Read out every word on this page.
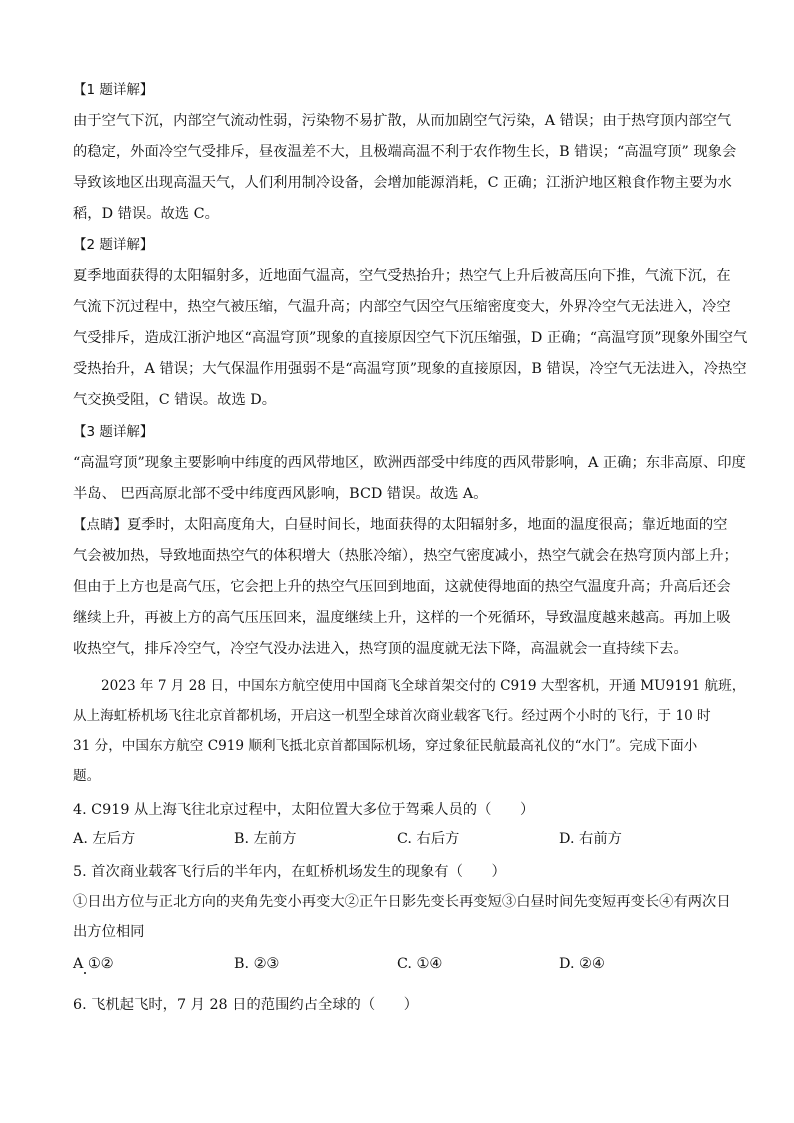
【1 题详解】
由于空气下沉，内部空气流动性弱，污染物不易扩散，从而加剧空气污染，A 错误；由于热穹顶内部空气
的稳定，外面冷空气受排斥，昼夜温差不大，且极端高温不利于农作物生长，B 错误；“高温穹顶” 现象会
导致该地区出现高温天气，人们利用制冷设备，会增加能源消耗，C 正确；江浙沪地区粮食作物主要为水
稻，D 错误。故选 C。
【2 题详解】
夏季地面获得的太阳辐射多，近地面气温高，空气受热抬升；热空气上升后被高压向下推，气流下沉，在
气流下沉过程中，热空气被压缩，气温升高；内部空气因空气压缩密度变大，外界冷空气无法进入，冷空
气受排斥，造成江浙沪地区“高温穹顶”现象的直接原因空气下沉压缩强，D 正确；“高温穹顶”现象外围空气
受热抬升，A 错误；大气保温作用强弱不是“高温穹顶”现象的直接原因，B 错误，冷空气无法进入，冷热空
气交换受阻，C 错误。故选 D。
【3 题详解】
“高温穹顶”现象主要影响中纬度的西风带地区，欧洲西部受中纬度的西风带影响，A 正确；东非高原、印度
半岛、 巴西高原北部不受中纬度西风影响，BCD 错误。故选 A。
【点睛】夏季时，太阳高度角大，白昼时间长，地面获得的太阳辐射多，地面的温度很高；靠近地面的空
气会被加热，导致地面热空气的体积增大（热胀冷缩），热空气密度减小，热空气就会在热穹顶内部上升；
但由于上方也是高气压，它会把上升的热空气压回到地面，这就使得地面的热空气温度升高；升高后还会
继续上升，再被上方的高气压压回来，温度继续上升，这样的一个死循环，导致温度越来越高。再加上吸
收热空气，排斥冷空气，冷空气没办法进入，热穹顶的温度就无法下降，高温就会一直持续下去。
2023 年 7 月 28 日，中国东方航空使用中国商飞全球首架交付的 C919 大型客机，开通 MU9191 航班，
从上海虹桥机场飞往北京首都机场，开启这一机型全球首次商业载客飞行。经过两个小时的飞行，于 10 时
31 分，中国东方航空 C919 顺利飞抵北京首都国际机场，穿过象征民航最高礼仪的“水门”。完成下面小
题。
4. C919 从上海飞往北京过程中，太阳位置大多位于驾乘人员的（　　）
A. 左后方	B. 左前方	C. 右后方	D. 右前方
5. 首次商业载客飞行后的半年内，在虹桥机场发生的现象有（　　）
①日出方位与正北方向的夹角先变小再变大②正午日影先变长再变短③白昼时间先变短再变长④有两次日
出方位相同
A ①②	B. ②③	C. ①④	D. ②④
6. 飞机起飞时，7 月 28 日的范围约占全球的（　　）
